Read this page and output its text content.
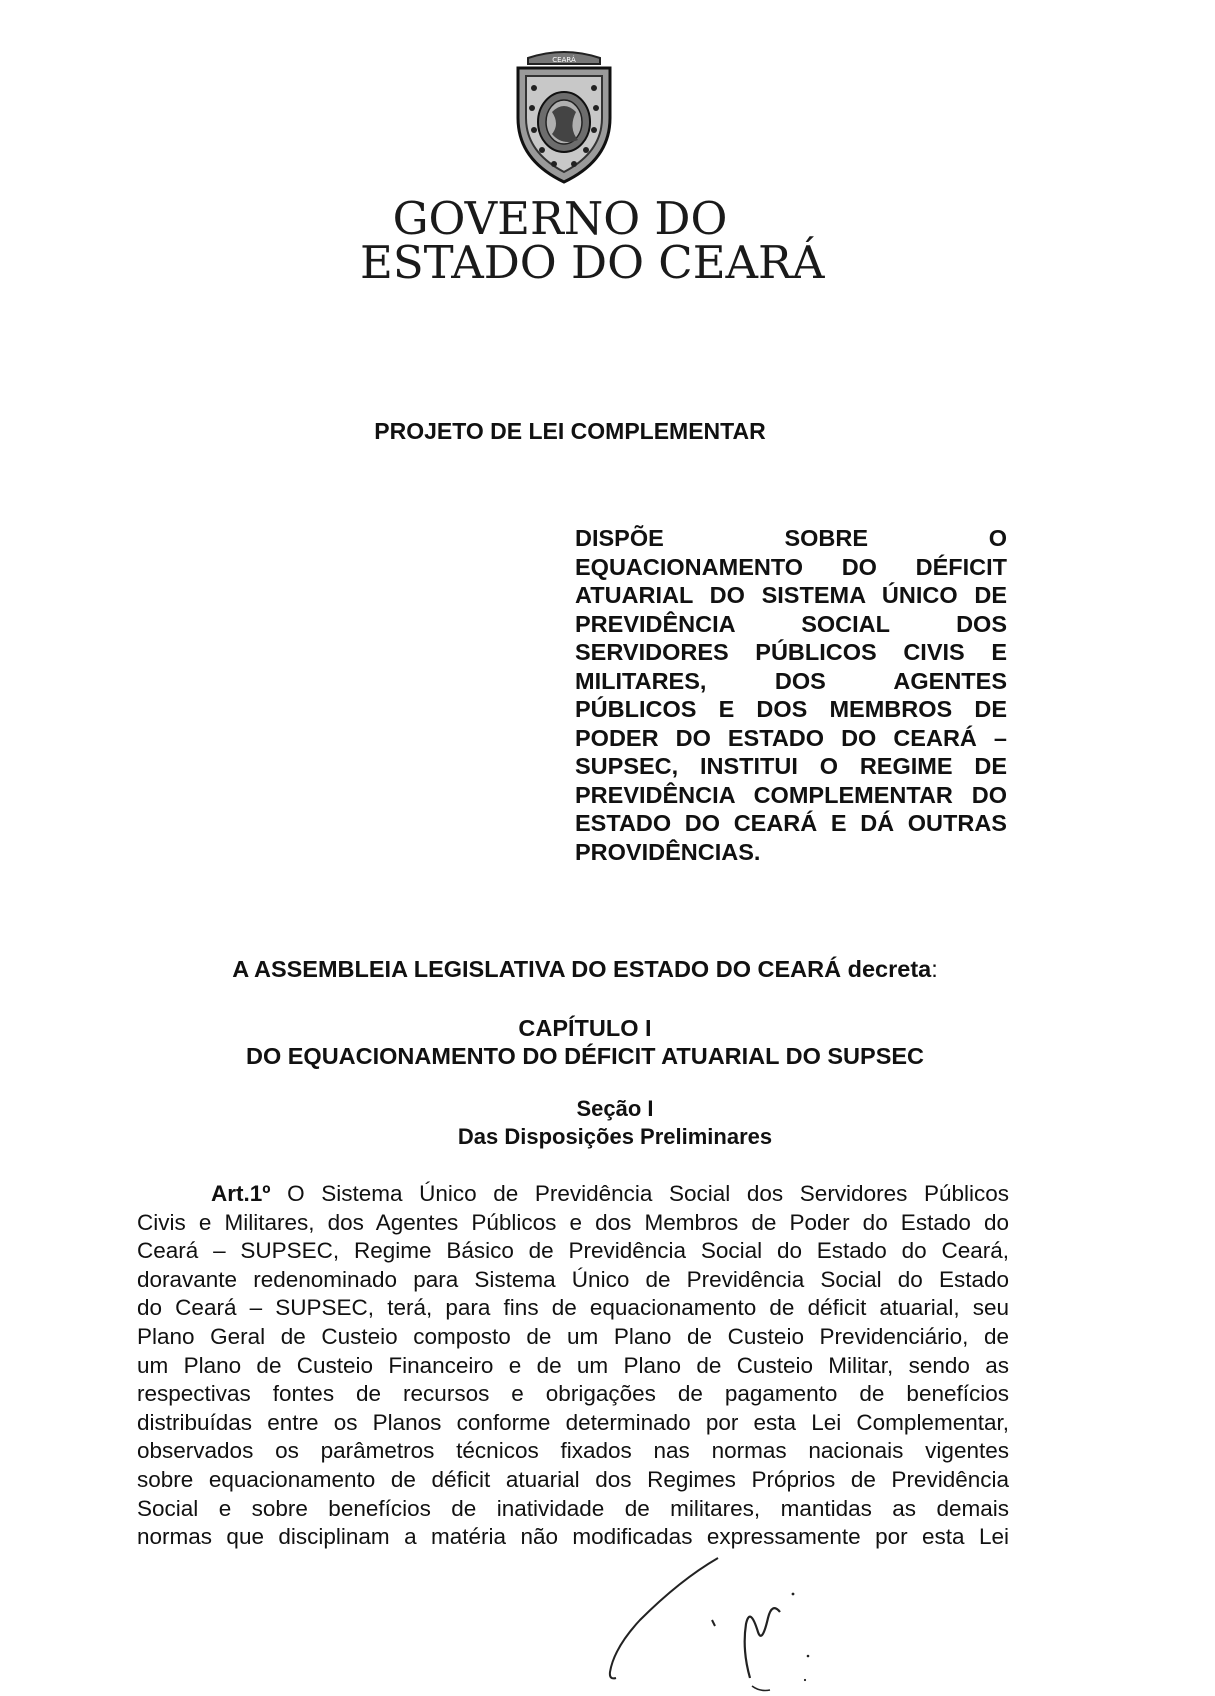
CEARÁ
GOVERNO DO
ESTADO DO CEARÁ
PROJETO DE LEI COMPLEMENTAR
DISPÕE SOBRE O
EQUACIONAMENTO DO DÉFICIT
ATUARIAL DO SISTEMA ÚNICO DE
PREVIDÊNCIA SOCIAL DOS
SERVIDORES PÚBLICOS CIVIS E
MILITARES, DOS AGENTES
PÚBLICOS E DOS MEMBROS DE
PODER DO ESTADO DO CEARÁ –
SUPSEC, INSTITUI O REGIME DE
PREVIDÊNCIA COMPLEMENTAR DO
ESTADO DO CEARÁ E DÁ OUTRAS
PROVIDÊNCIAS.
A ASSEMBLEIA LEGISLATIVA DO ESTADO DO CEARÁ decreta:
CAPÍTULO I
DO EQUACIONAMENTO DO DÉFICIT ATUARIAL DO SUPSEC
Seção I
Das Disposições Preliminares
Art.1º O Sistema Único de Previdência Social dos Servidores Públicos
Civis e Militares, dos Agentes Públicos e dos Membros de Poder do Estado do
Ceará – SUPSEC, Regime Básico de Previdência Social do Estado do Ceará,
doravante redenominado para Sistema Único de Previdência Social do Estado
do Ceará – SUPSEC, terá, para fins de equacionamento de déficit atuarial, seu
Plano Geral de Custeio composto de um Plano de Custeio Previdenciário, de
um Plano de Custeio Financeiro e de um Plano de Custeio Militar, sendo as
respectivas fontes de recursos e obrigações de pagamento de benefícios
distribuídas entre os Planos conforme determinado por esta Lei Complementar,
observados os parâmetros técnicos fixados nas normas nacionais vigentes
sobre equacionamento de déficit atuarial dos Regimes Próprios de Previdência
Social e sobre benefícios de inatividade de militares, mantidas as demais
normas que disciplinam a matéria não modificadas expressamente por esta Lei
